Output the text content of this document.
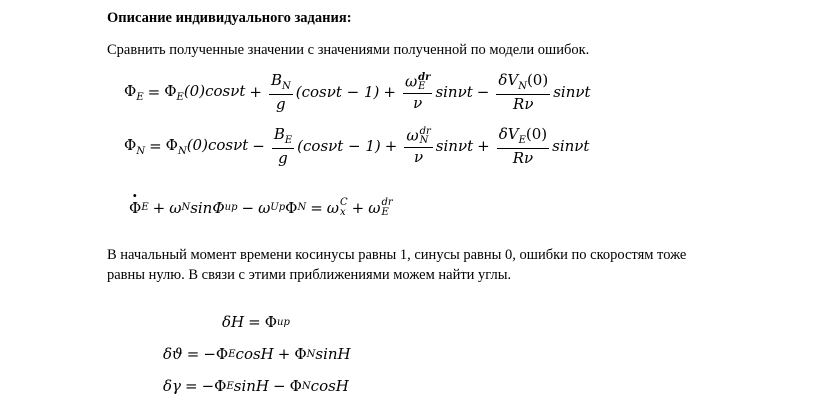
Описание индивидуального задания:
Сравнить полученные значении с значениями полученной по модели ошибок.
$\Phi_E = \Phi_E(0)\cos\nu t + \frac{B_N}{g} (\cos\nu t - 1) + \omega$ dr
E
ν $\sin\nu t - \frac{\delta V_N(0)}{R\nu}$ sinνt
$\Phi_N = \Phi_N(0)\cos\nu t - \frac{B_E}{g} (\cos\nu t - 1) + \omega$ dr
N
ν $\sin\nu t + \frac{\delta V_E(0)}{R\nu}$ sinνt
· Φ E + ω N sinΦ up − ω Up Φ N = ω C
x + ω dr
E
В начальный момент времени косинусы равны 1, синусы равны 0, ошибки по скоростям тоже
равны нулю. В связи с этими приближениями можем найти углы.
δH = Φ up
δϑ = − Φ E cosH + Φ N sinH
δγ = − Φ E sinH − Φ N cosH
